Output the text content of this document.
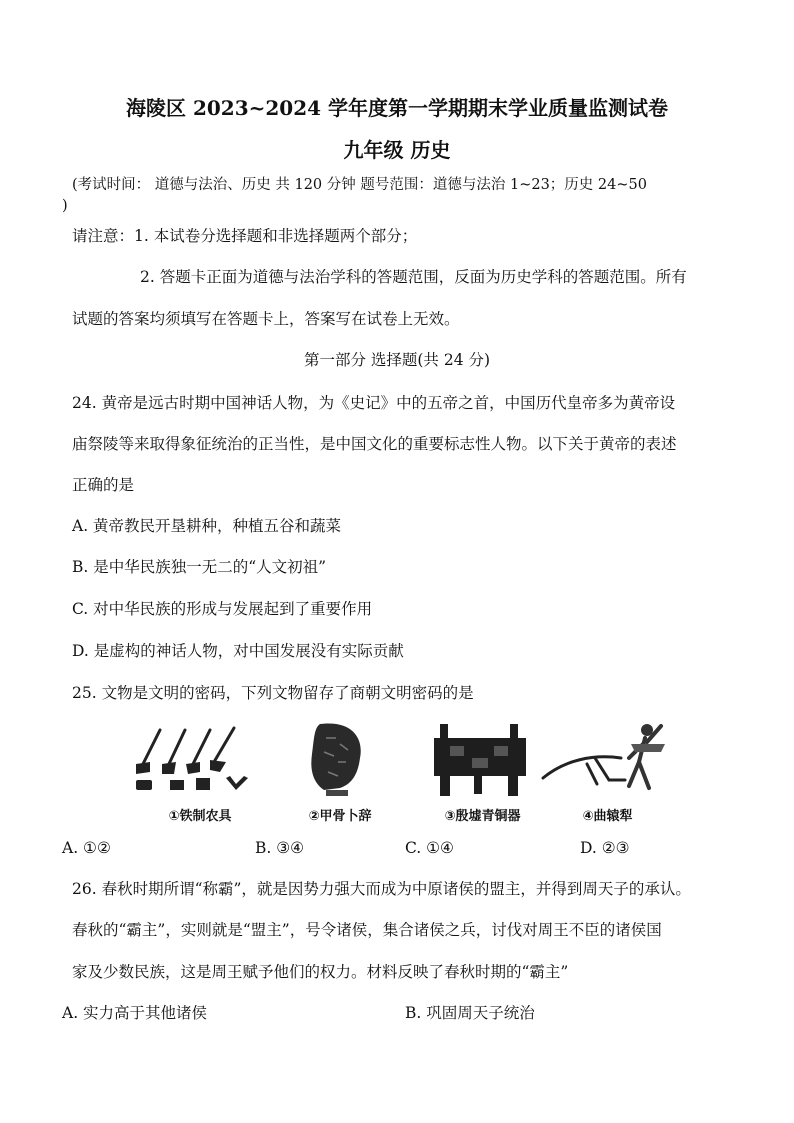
海陵区 2023~2024 学年度第一学期期末学业质量监测试卷
九年级 历史
(考试时间： 道德与法治、历史 共 120 分钟 题号范围：道德与法治 1~23；历史 24~50
)
请注意：1. 本试卷分选择题和非选择题两个部分；
2. 答题卡正面为道德与法治学科的答题范围，反面为历史学科的答题范围。所有
试题的答案均须填写在答题卡上，答案写在试卷上无效。
第一部分 选择题(共 24 分)
24. 黄帝是远古时期中国神话人物，为《史记》中的五帝之首，中国历代皇帝多为黄帝设
庙祭陵等来取得象征统治的正当性，是中国文化的重要标志性人物。以下关于黄帝的表述
正确的是
A. 黄帝教民开垦耕种，种植五谷和蔬菜
B. 是中华民族独一无二的“人文初祖”
C. 对中华民族的形成与发展起到了重要作用
D. 是虚构的神话人物，对中国发展没有实际贡献
25. 文物是文明的密码，下列文物留存了商朝文明密码的是
①铁制农具	②甲骨卜辞	③殷墟青铜器	④曲辕犁
A. ①②	B. ③④	C. ①④	D. ②③
26. 春秋时期所谓“称霸”，就是因势力强大而成为中原诸侯的盟主，并得到周天子的承认。
春秋的“霸主”，实则就是“盟主”，号令诸侯，集合诸侯之兵，讨伐对周王不臣的诸侯国
家及少数民族，这是周王赋予他们的权力。材料反映了春秋时期的“霸主”
A. 实力高于其他诸侯	B. 巩固周天子统治
